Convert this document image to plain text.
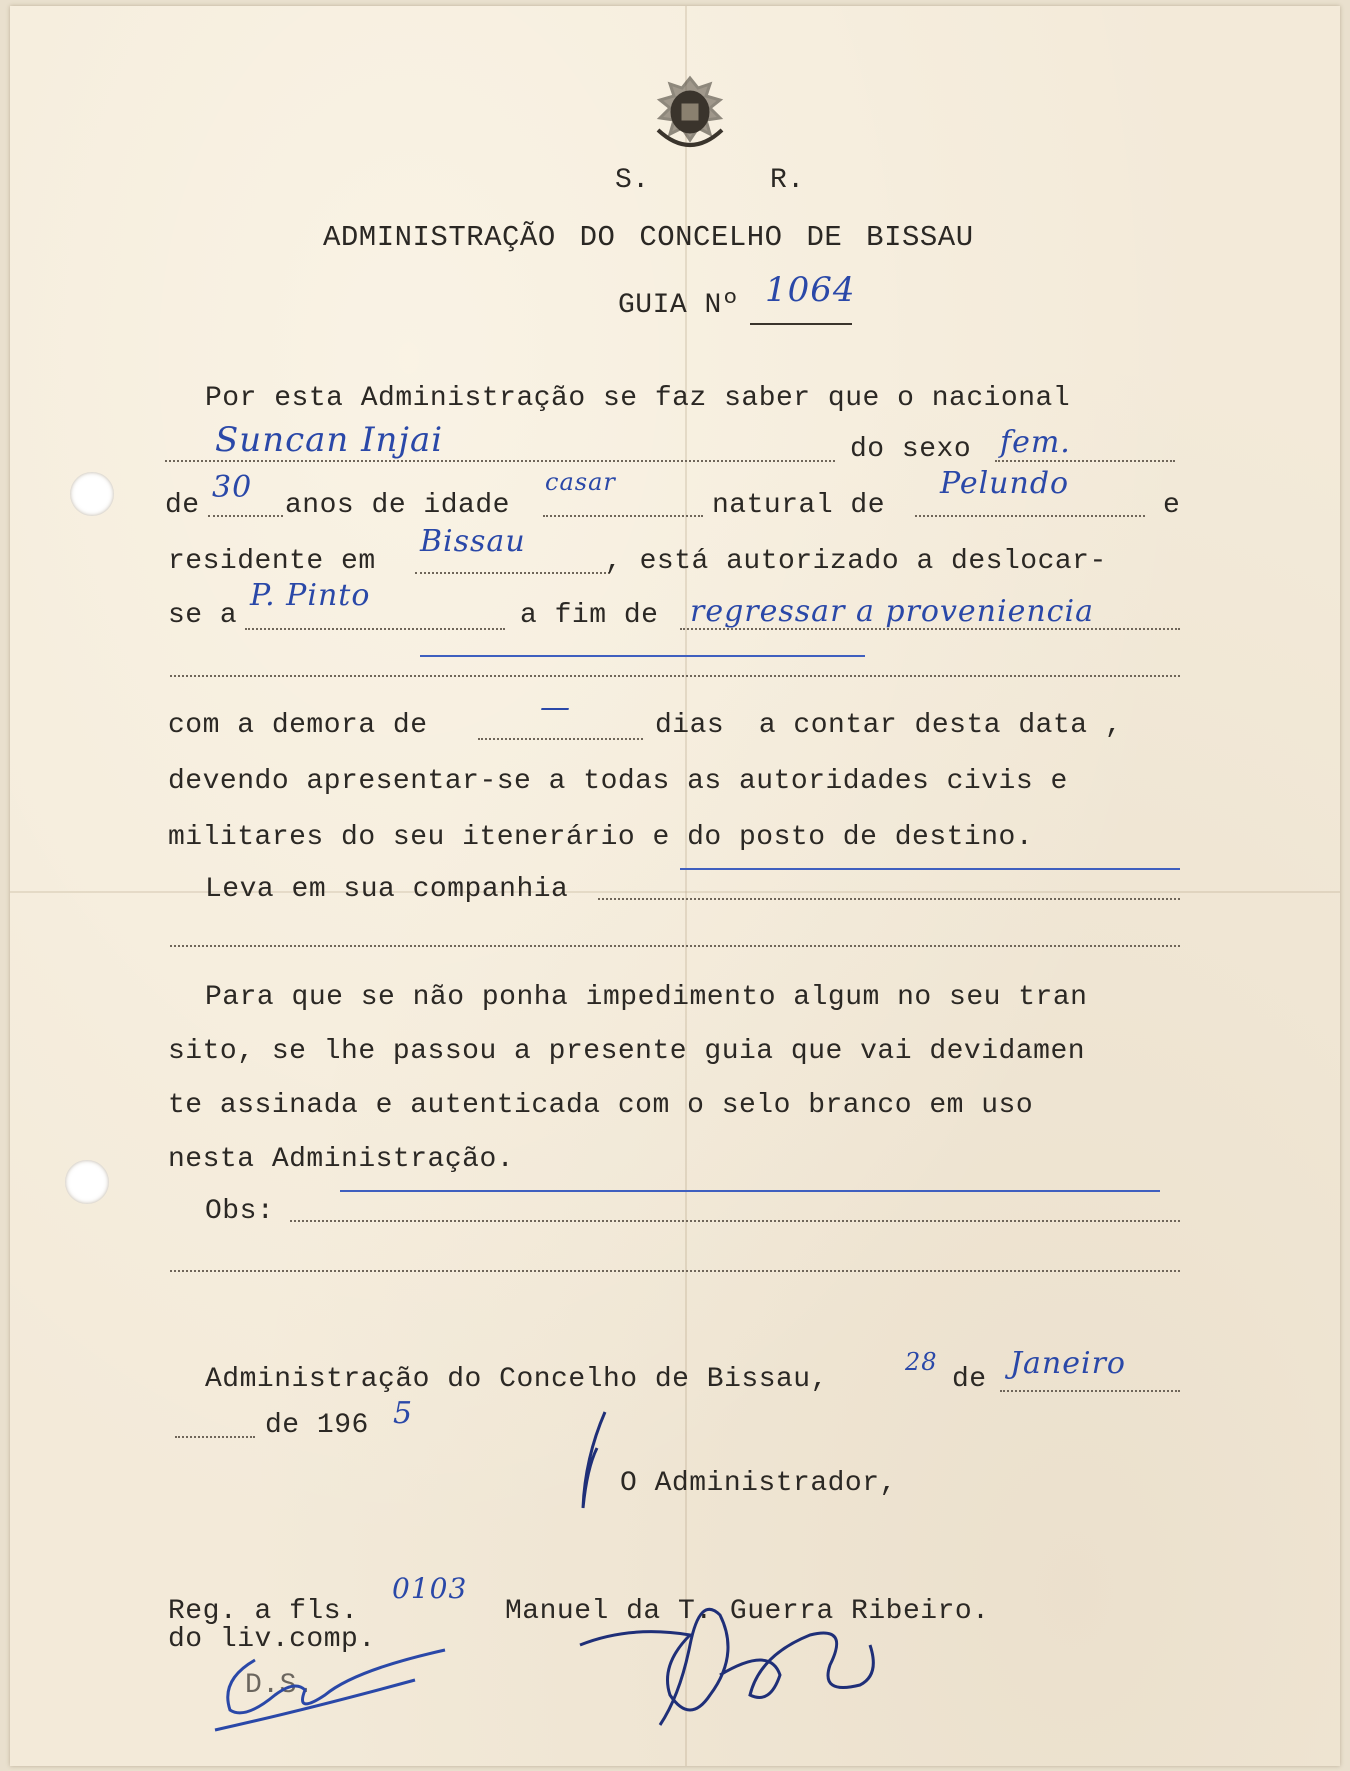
S.	R.
ADMINISTRAÇÃO DO CONCELHO DE BISSAU
GUIA Nº 1064
Por esta Administração se faz saber que o nacional
Suncan Injai	do sexo fem.
de
30
anos de idade
casar
natural de
Pelundo
e
residente em
Bissau
, está autorizado a deslocar-
se a
P. Pinto
a fim de regressar a proveniencia
com a demora de
—
dias  a contar desta data ,
devendo apresentar-se a todas as autoridades civis e
militares do seu itenerário e do posto de destino.
Leva em sua companhia
Para que se não ponha impedimento algum no seu tran
sito, se lhe passou a presente guia que vai devidamen
te assinada e autenticada com o selo branco em uso
nesta Administração.
Obs:
Administração do Concelho de Bissau,
28
de Janeiro
de 196 5
O Administrador,
Reg. a fls.
0103
do liv.comp.
D.S.
Manuel da T. Guerra Ribeiro.
